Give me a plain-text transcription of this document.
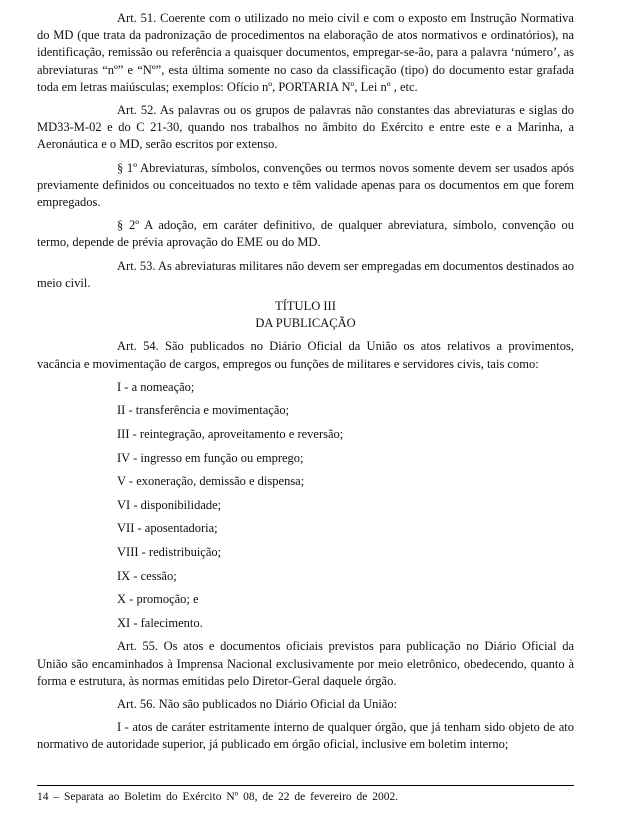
Art. 51. Coerente com o utilizado no meio civil e com o exposto em Instrução Normativa do MD (que trata da padronização de procedimentos na elaboração de atos normativos e ordinatórios), na identificação, remissão ou referência a quaisquer documentos, empregar-se-ão, para a palavra ‘número’, as abreviaturas “nº” e “Nº”, esta última somente no caso da classificação (tipo) do documento estar grafada toda em letras maiúsculas; exemplos: Ofício nº, PORTARIA Nº, Lei nº , etc.

Art. 52. As palavras ou os grupos de palavras não constantes das abreviaturas e siglas do MD33-M-02 e do C 21-30, quando nos trabalhos no âmbito do Exército e entre este e a Marinha, a Aeronáutica e o MD, serão escritos por extenso.

§ 1º Abreviaturas, símbolos, convenções ou termos novos somente devem ser usados após previamente definidos ou conceituados no texto e têm validade apenas para os documentos em que forem empregados.

§ 2º A adoção, em caráter definitivo, de qualquer abreviatura, símbolo, convenção ou termo, depende de prévia aprovação do EME ou do MD.

Art. 53. As abreviaturas militares não devem ser empregadas em documentos destinados ao meio civil.

TÍTULO III

DA PUBLICAÇÃO

Art. 54. São publicados no Diário Oficial da União os atos relativos a provimentos, vacância e movimentação de cargos, empregos ou funções de militares e servidores civis, tais como:

I - a nomeação;

II - transferência e movimentação;

III - reintegração, aproveitamento e reversão;

IV - ingresso em função ou emprego;

V - exoneração, demissão e dispensa;

VI - disponibilidade;

VII - aposentadoria;

VIII - redistribuição;

IX - cessão;

X - promoção; e

XI - falecimento.

Art. 55. Os atos e documentos oficiais previstos para publicação no Diário Oficial da União são encaminhados à Imprensa Nacional exclusivamente por meio eletrônico, obedecendo, quanto à forma e estrutura, às normas emitidas pelo Diretor-Geral daquele órgão.

Art. 56. Não são publicados no Diário Oficial da União:

I - atos de caráter estritamente interno de qualquer órgão, que já tenham sido objeto de ato normativo de autoridade superior, já publicado em órgão oficial, inclusive em boletim interno;

14 – Separata ao Boletim do Exército Nº 08, de 22 de fevereiro de 2002.
